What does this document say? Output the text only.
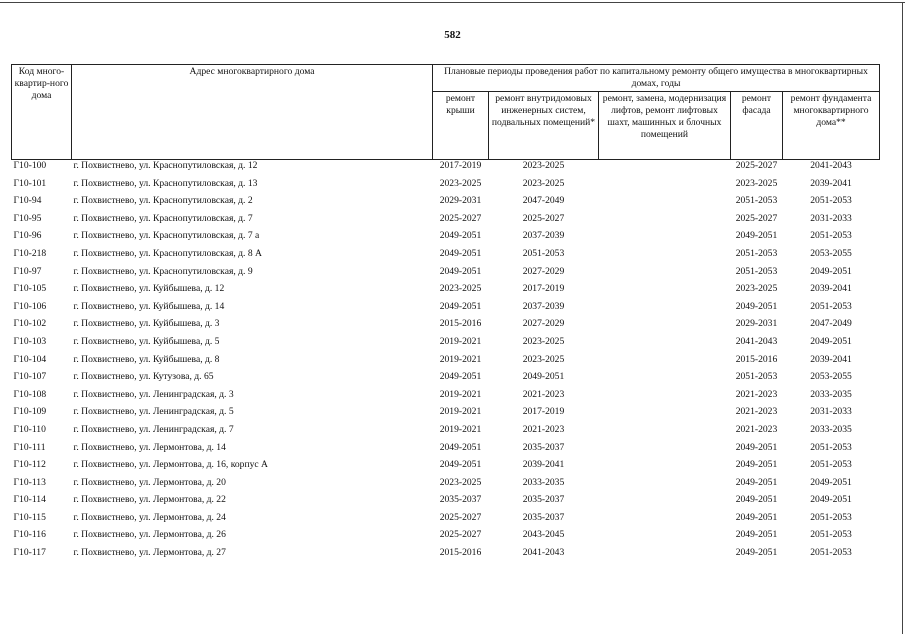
582
Код много-квартир-ного дома	Адрес многоквартирного дома	Плановые периоды проведения работ по капитальному ремонту общего имущества в многоквартирных домах, годы				
		ремонт крыши	ремонт внутридомовых инженерных систем, подвальных помещений*	ремонт, замена, модернизация лифтов, ремонт лифтовых шахт, машинных и блочных помещений	ремонт фасада	ремонт фундамента многоквартирного дома**
Г10-100	г. Похвистнево, ул. Краснопутиловская, д. 12	2017-2019	2023-2025		2025-2027	2041-2043
Г10-101	г. Похвистнево, ул. Краснопутиловская, д. 13	2023-2025	2023-2025		2023-2025	2039-2041
Г10-94	г. Похвистнево, ул. Краснопутиловская, д. 2	2029-2031	2047-2049		2051-2053	2051-2053
Г10-95	г. Похвистнево, ул. Краснопутиловская, д. 7	2025-2027	2025-2027		2025-2027	2031-2033
Г10-96	г. Похвистнево, ул. Краснопутиловская, д. 7 а	2049-2051	2037-2039		2049-2051	2051-2053
Г10-218	г. Похвистнево, ул. Краснопутиловская, д. 8 А	2049-2051	2051-2053		2051-2053	2053-2055
Г10-97	г. Похвистнево, ул. Краснопутиловская, д. 9	2049-2051	2027-2029		2051-2053	2049-2051
Г10-105	г. Похвистнево, ул. Куйбышева, д. 12	2023-2025	2017-2019		2023-2025	2039-2041
Г10-106	г. Похвистнево, ул. Куйбышева, д. 14	2049-2051	2037-2039		2049-2051	2051-2053
Г10-102	г. Похвистнево, ул. Куйбышева, д. 3	2015-2016	2027-2029		2029-2031	2047-2049
Г10-103	г. Похвистнево, ул. Куйбышева, д. 5	2019-2021	2023-2025		2041-2043	2049-2051
Г10-104	г. Похвистнево, ул. Куйбышева, д. 8	2019-2021	2023-2025		2015-2016	2039-2041
Г10-107	г. Похвистнево, ул. Кутузова, д. 65	2049-2051	2049-2051		2051-2053	2053-2055
Г10-108	г. Похвистнево, ул. Ленинградская, д. 3	2019-2021	2021-2023		2021-2023	2033-2035
Г10-109	г. Похвистнево, ул. Ленинградская, д. 5	2019-2021	2017-2019		2021-2023	2031-2033
Г10-110	г. Похвистнево, ул. Ленинградская, д. 7	2019-2021	2021-2023		2021-2023	2033-2035
Г10-111	г. Похвистнево, ул. Лермонтова, д. 14	2049-2051	2035-2037		2049-2051	2051-2053
Г10-112	г. Похвистнево, ул. Лермонтова, д. 16, корпус А	2049-2051	2039-2041		2049-2051	2051-2053
Г10-113	г. Похвистнево, ул. Лермонтова, д. 20	2023-2025	2033-2035		2049-2051	2049-2051
Г10-114	г. Похвистнево, ул. Лермонтова, д. 22	2035-2037	2035-2037		2049-2051	2049-2051
Г10-115	г. Похвистнево, ул. Лермонтова, д. 24	2025-2027	2035-2037		2049-2051	2051-2053
Г10-116	г. Похвистнево, ул. Лермонтова, д. 26	2025-2027	2043-2045		2049-2051	2051-2053
Г10-117	г. Похвистнево, ул. Лермонтова, д. 27	2015-2016	2041-2043		2049-2051	2051-2053
